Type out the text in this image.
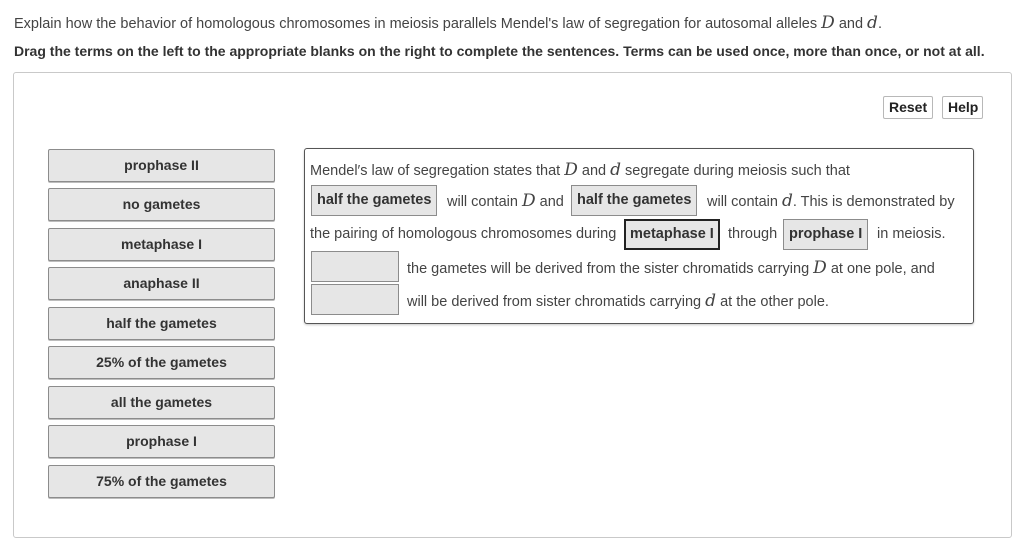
Explain how the behavior of homologous chromosomes in meiosis parallels Mendel's law of segregation for autosomal alleles D and d.
Drag the terms on the left to the appropriate blanks on the right to complete the sentences. Terms can be used once, more than once, or not at all.
Reset	Help
prophase II
no gametes
metaphase I
anaphase II
half the gametes
25% of the gametes
all the gametes
prophase I
75% of the gametes
Mendel′s law of segregation states that D and d segregate during meiosis such that
half the gametes	will contain D and half the gametes	will contain d. This is demonstrated by
the pairing of homologous chromosomes during metaphase I through prophase I	in meiosis.
the gametes will be derived from the sister chromatids carrying D at one pole, and
will be derived from sister chromatids carrying d at the other pole.
